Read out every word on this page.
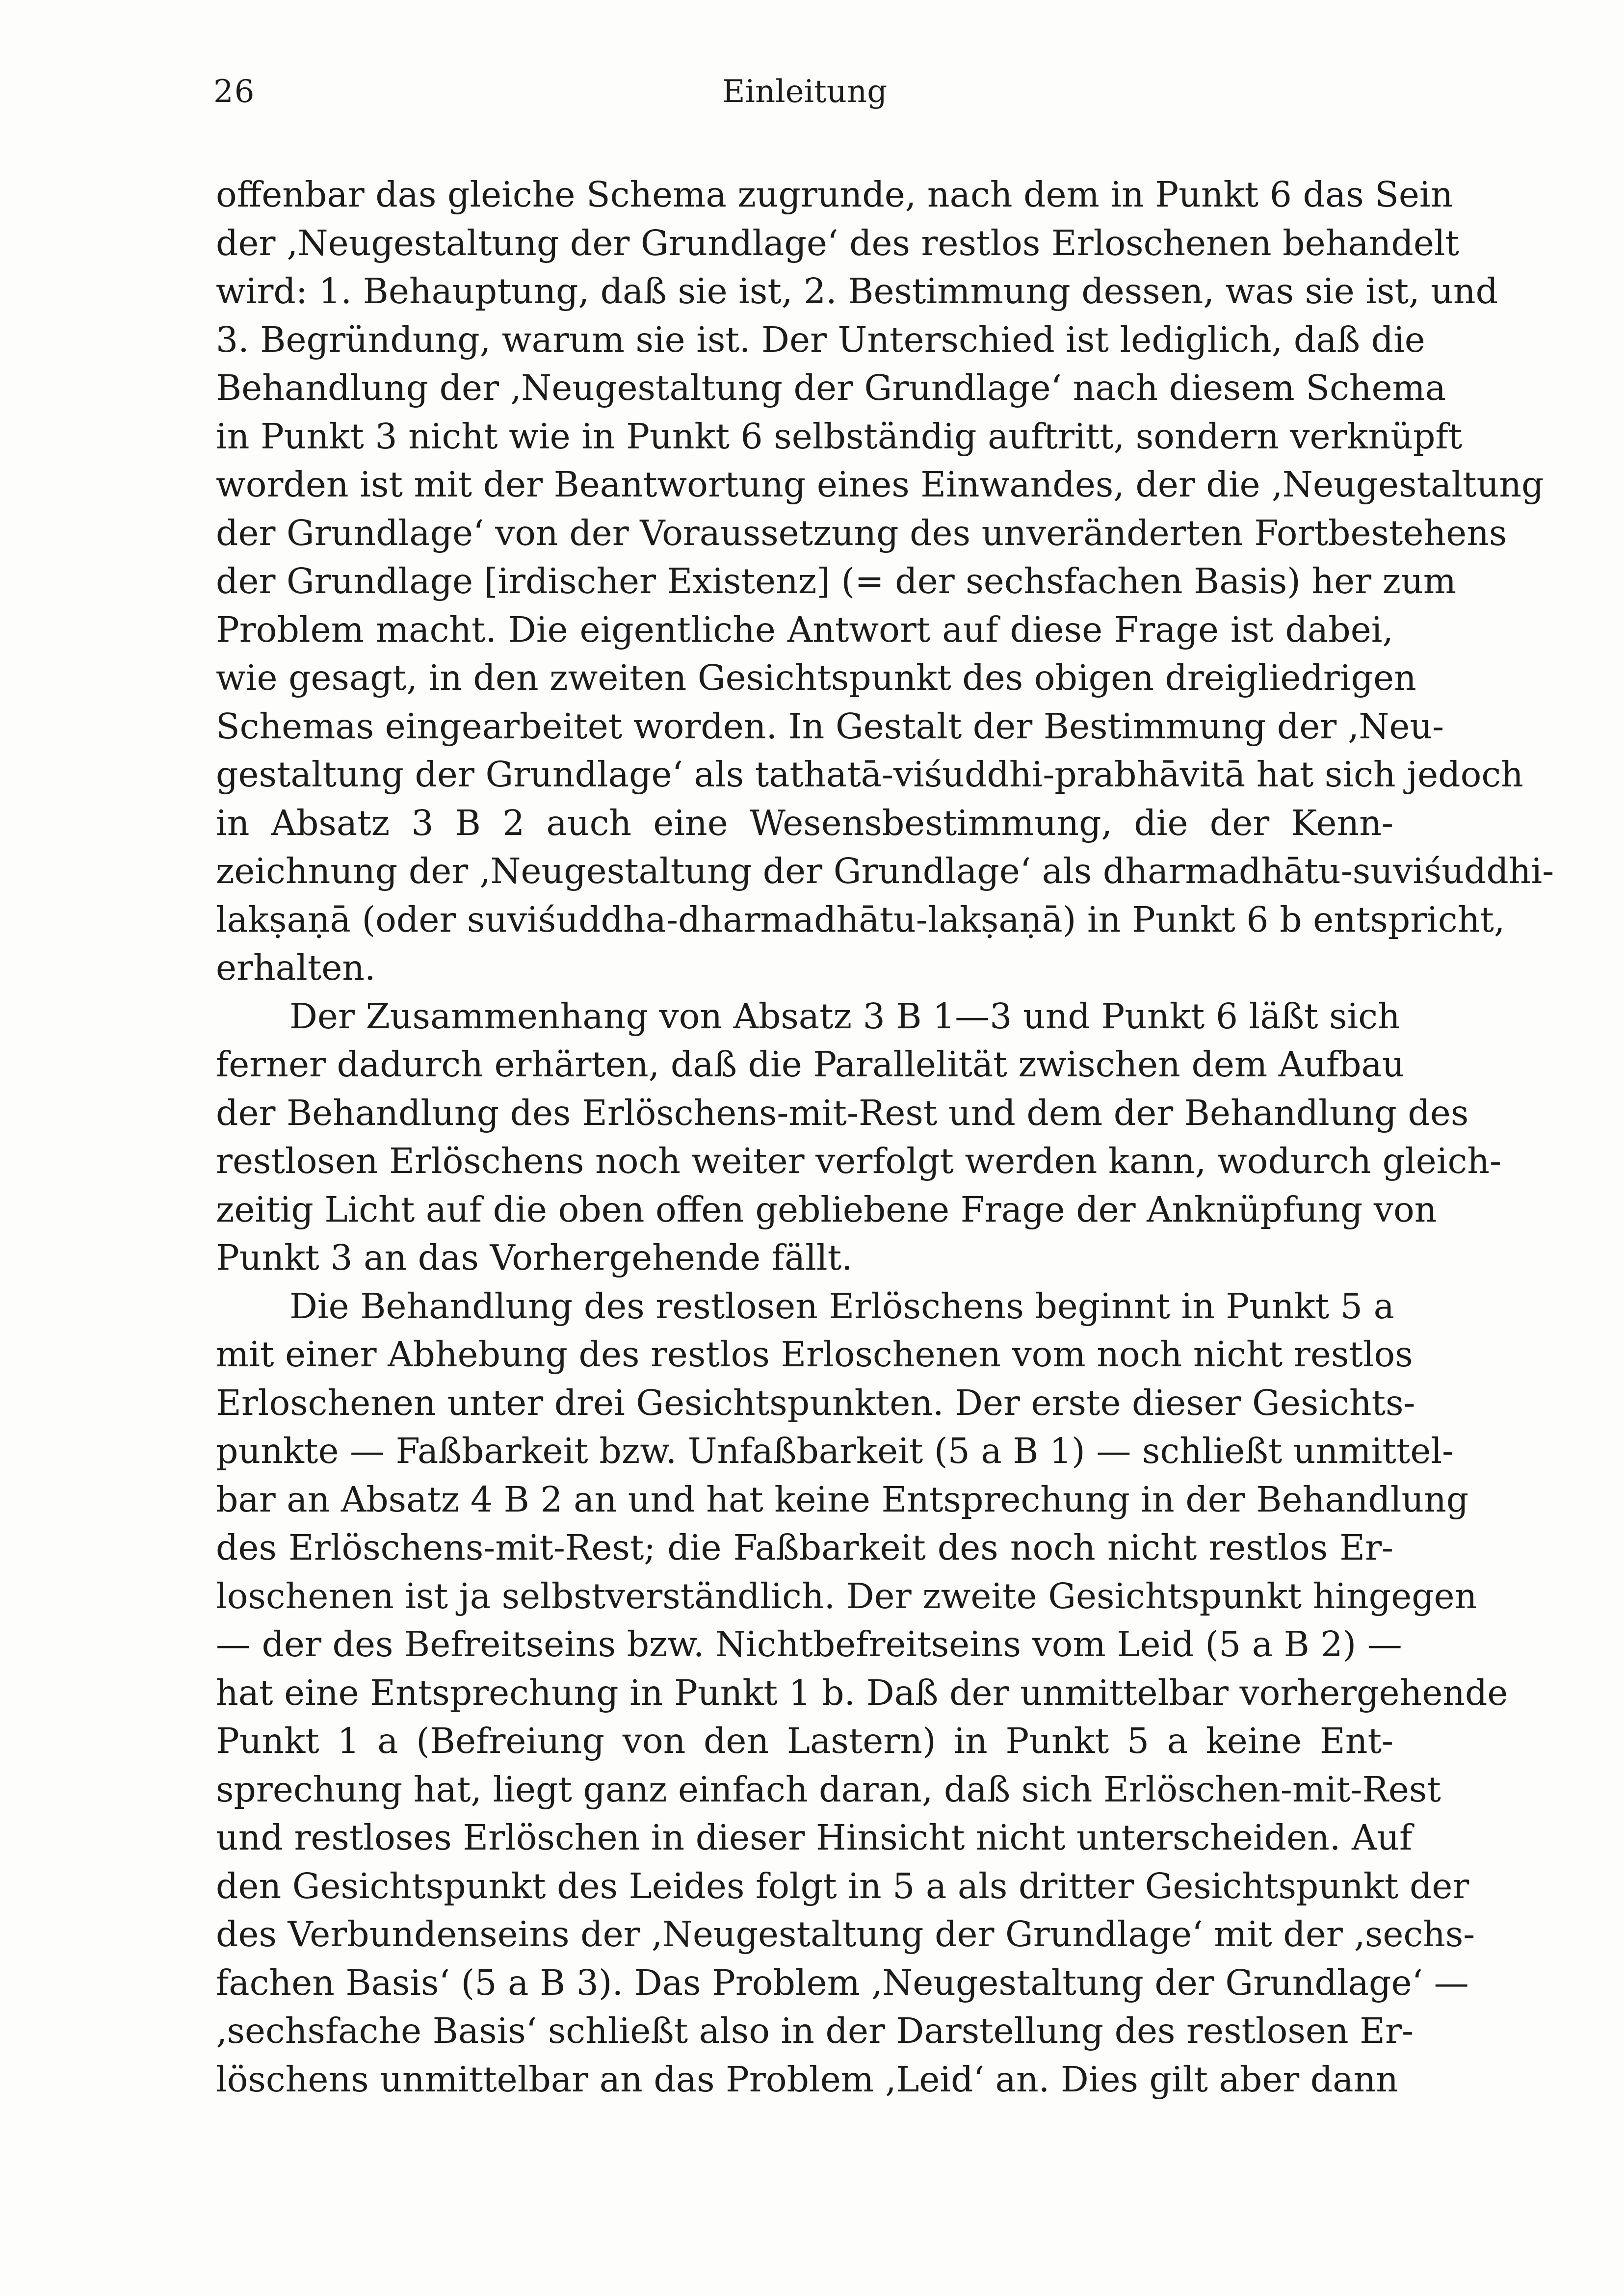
26	Einleitung
offenbar das gleiche Schema zugrunde, nach dem in Punkt 6 das Sein
der ‚Neugestaltung der Grundlage‘ des restlos Erloschenen behandelt
wird: 1. Behauptung, daß sie ist, 2. Bestimmung dessen, was sie ist, und
3. Begründung, warum sie ist. Der Unterschied ist lediglich, daß die
Behandlung der ‚Neugestaltung der Grundlage‘ nach diesem Schema
in Punkt 3 nicht wie in Punkt 6 selbständig auftritt, sondern verknüpft
worden ist mit der Beantwortung eines Einwandes, der die ‚Neugestaltung
der Grundlage‘ von der Voraussetzung des unveränderten Fortbestehens
der Grundlage [irdischer Existenz] (= der sechsfachen Basis) her zum
Problem macht. Die eigentliche Antwort auf diese Frage ist dabei,
wie gesagt, in den zweiten Gesichtspunkt des obigen dreigliedrigen
Schemas eingearbeitet worden. In Gestalt der Bestimmung der ‚Neu-
gestaltung der Grundlage‘ als tathatā-viśuddhi-prabhāvitā hat sich jedoch
in Absatz 3 B 2 auch eine Wesensbestimmung, die der Kenn-
zeichnung der ‚Neugestaltung der Grundlage‘ als dharmadhātu-suviśuddhi-
lakṣaṇā (oder suviśuddha-dharmadhātu-lakṣaṇā) in Punkt 6 b entspricht,
erhalten.
Der Zusammenhang von Absatz 3 B 1—3 und Punkt 6 läßt sich
ferner dadurch erhärten, daß die Parallelität zwischen dem Aufbau
der Behandlung des Erlöschens-mit-Rest und dem der Behandlung des
restlosen Erlöschens noch weiter verfolgt werden kann, wodurch gleich-
zeitig Licht auf die oben offen gebliebene Frage der Anknüpfung von
Punkt 3 an das Vorhergehende fällt.
Die Behandlung des restlosen Erlöschens beginnt in Punkt 5 a
mit einer Abhebung des restlos Erloschenen vom noch nicht restlos
Erloschenen unter drei Gesichtspunkten. Der erste dieser Gesichts-
punkte — Faßbarkeit bzw. Unfaßbarkeit (5 a B 1) — schließt unmittel-
bar an Absatz 4 B 2 an und hat keine Entsprechung in der Behandlung
des Erlöschens-mit-Rest; die Faßbarkeit des noch nicht restlos Er-
loschenen ist ja selbstverständlich. Der zweite Gesichtspunkt hingegen
— der des Befreitseins bzw. Nichtbefreitseins vom Leid (5 a B 2) —
hat eine Entsprechung in Punkt 1 b. Daß der unmittelbar vorhergehende
Punkt 1 a (Befreiung von den Lastern) in Punkt 5 a keine Ent-
sprechung hat, liegt ganz einfach daran, daß sich Erlöschen-mit-Rest
und restloses Erlöschen in dieser Hinsicht nicht unterscheiden. Auf
den Gesichtspunkt des Leides folgt in 5 a als dritter Gesichtspunkt der
des Verbundenseins der ‚Neugestaltung der Grundlage‘ mit der ‚sechs-
fachen Basis‘ (5 a B 3). Das Problem ‚Neugestaltung der Grundlage‘ —
‚sechsfache Basis‘ schließt also in der Darstellung des restlosen Er-
löschens unmittelbar an das Problem ‚Leid‘ an. Dies gilt aber dann
